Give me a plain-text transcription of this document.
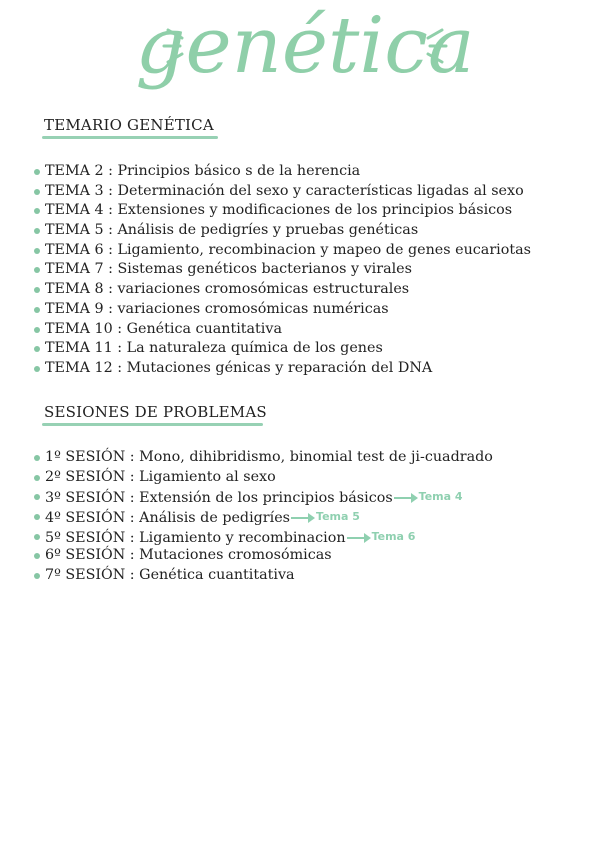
genética
TEMARIO GENÉTICA
TEMA 2 : Principios básico s de la herencia
TEMA 3 : Determinación del sexo y características ligadas al sexo
TEMA 4 : Extensiones y modificaciones de los principios básicos
TEMA 5 : Análisis de pedigríes y pruebas genéticas
TEMA 6 : Ligamiento, recombinacion y mapeo de genes eucariotas
TEMA 7 : Sistemas genéticos bacterianos y virales
TEMA 8 : variaciones cromosómicas estructurales
TEMA 9 : variaciones cromosómicas numéricas
TEMA 10 : Genética cuantitativa
TEMA 11 : La naturaleza química de los genes
TEMA 12 : Mutaciones génicas y reparación del DNA
SESIONES DE PROBLEMAS
1º SESIÓN : Mono, dihibridismo, binomial test de ji-cuadrado
2º SESIÓN : Ligamiento al sexo
3º SESIÓN : Extensión de los principios básicos Tema 4
4º SESIÓN : Análisis de pedigríes Tema 5
5º SESIÓN : Ligamiento y recombinacion Tema 6
6º SESIÓN : Mutaciones cromosómicas
7º SESIÓN : Genética cuantitativa
